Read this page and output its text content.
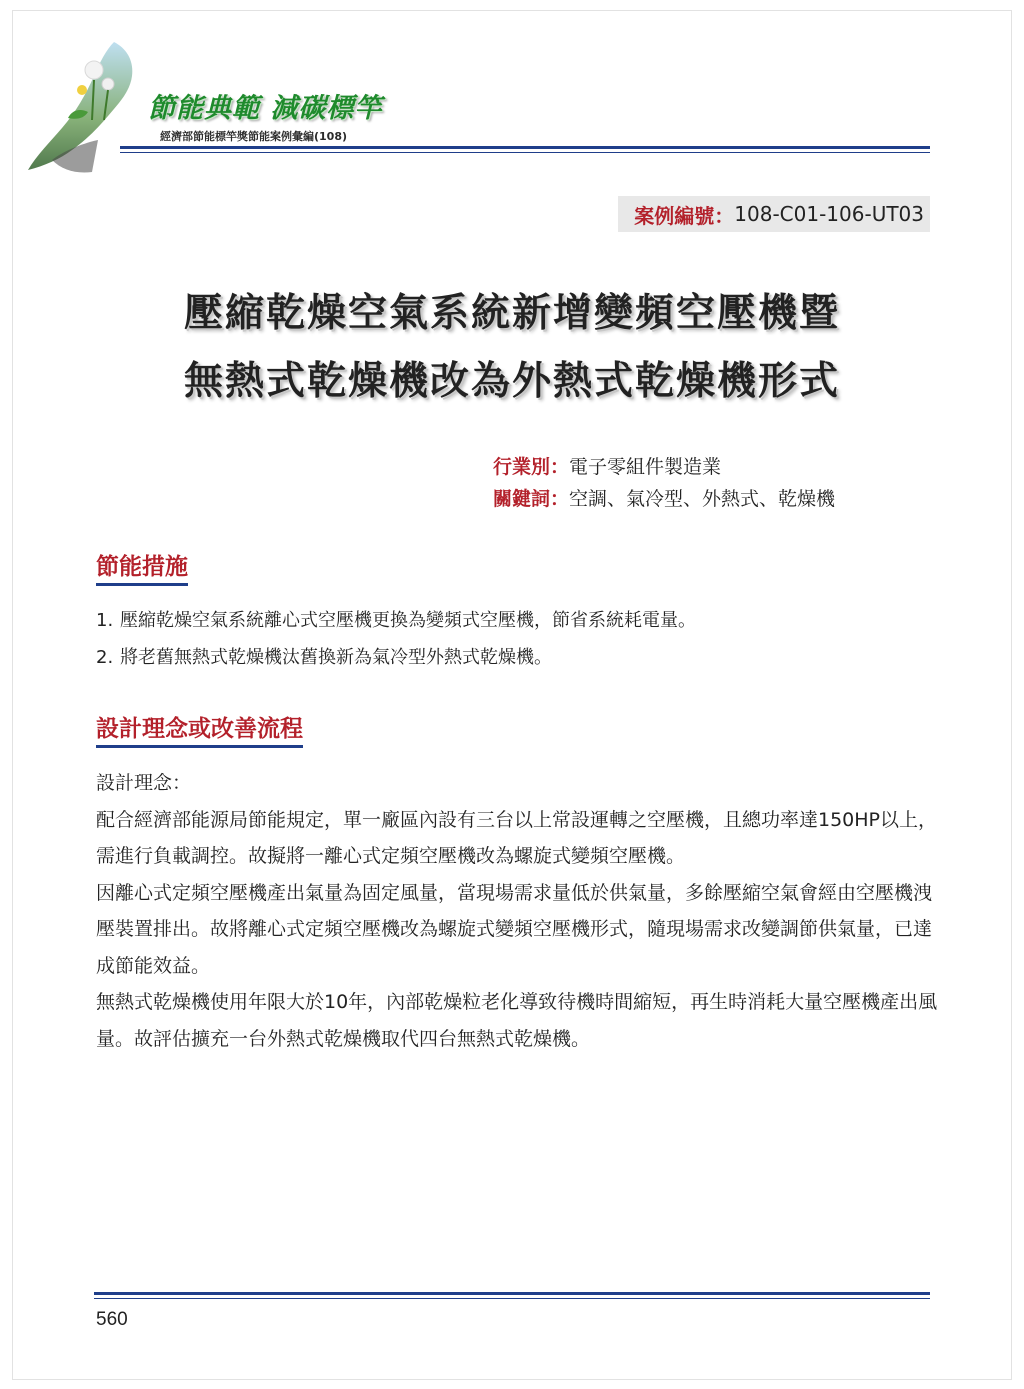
節能典範 減碳標竿
經濟部節能標竿獎節能案例彙編(108)
案例編號： 108-C01-106-UT03
壓縮乾燥空氣系統新增變頻空壓機暨
無熱式乾燥機改為外熱式乾燥機形式
行業別：電子零組件製造業
關鍵詞：空調、氣冷型、外熱式、乾燥機
節能措施
1. 壓縮乾燥空氣系統離心式空壓機更換為變頻式空壓機，節省系統耗電量。
2. 將老舊無熱式乾燥機汰舊換新為氣冷型外熱式乾燥機。
設計理念或改善流程

設計理念：

配合經濟部能源局節能規定，單一廠區內設有三台以上常設運轉之空壓機，且總功率達150HP以上，需進行負載調控。故擬將一離心式定頻空壓機改為螺旋式變頻空壓機。

因離心式定頻空壓機產出氣量為固定風量，當現場需求量低於供氣量，多餘壓縮空氣會經由空壓機洩壓裝置排出。故將離心式定頻空壓機改為螺旋式變頻空壓機形式，隨現場需求改變調節供氣量，已達成節能效益。

無熱式乾燥機使用年限大於10年，內部乾燥粒老化導致待機時間縮短，再生時消耗大量空壓機產出風量。故評估擴充一台外熱式乾燥機取代四台無熱式乾燥機。

560
